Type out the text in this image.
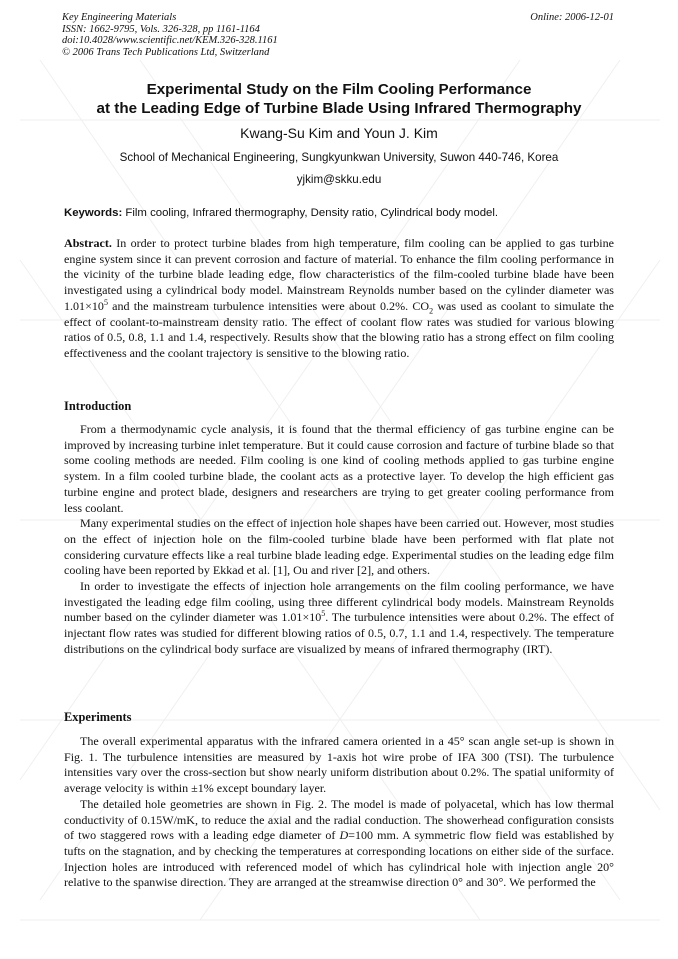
Key Engineering Materials
ISSN: 1662-9795, Vols. 326-328, pp 1161-1164
doi:10.4028/www.scientific.net/KEM.326-328.1161
© 2006 Trans Tech Publications Ltd, Switzerland
Online: 2006-12-01
Experimental Study on the Film Cooling Performance
at the Leading Edge of Turbine Blade Using Infrared Thermography
Kwang-Su Kim and Youn J. Kim
School of Mechanical Engineering, Sungkyunkwan University, Suwon 440-746, Korea
yjkim@skku.edu
Keywords: Film cooling, Infrared thermography, Density ratio, Cylindrical body model.

Abstract. In order to protect turbine blades from high temperature, film cooling can be applied to gas turbine engine system since it can prevent corrosion and facture of material. To enhance the film cooling performance in the vicinity of the turbine blade leading edge, flow characteristics of the film-cooled turbine blade have been investigated using a cylindrical body model. Mainstream Reynolds number based on the cylinder diameter was $1.01\times 10^5$ and the mainstream turbulence intensities were about 0.2%. $CO_2$ was used as coolant to simulate the effect of coolant-to-mainstream density ratio. The effect of coolant flow rates was studied for various blowing ratios of 0.5, 0.8, 1.1 and 1.4, respectively. Results show that the blowing ratio has a strong effect on film cooling effectiveness and the coolant trajectory is sensitive to the blowing ratio.

Introduction

From a thermodynamic cycle analysis, it is found that the thermal efficiency of gas turbine engine can be improved by increasing turbine inlet temperature. But it could cause corrosion and facture of turbine blade so that some cooling methods are needed. Film cooling is one kind of cooling methods applied to gas turbine engine system. In a film cooled turbine blade, the coolant acts as a protective layer. To develop the high efficient gas turbine engine and protect blade, designers and researchers are trying to get greater cooling performance from less coolant.

Many experimental studies on the effect of injection hole shapes have been carried out. However, most studies on the effect of injection hole on the film-cooled turbine blade have been performed with flat plate not considering curvature effects like a real turbine blade leading edge. Experimental studies on the leading edge film cooling have been reported by Ekkad et al. [1], Ou and river [2], and others.

In order to investigate the effects of injection hole arrangements on the film cooling performance, we have investigated the leading edge film cooling, using three different cylindrical body models. Mainstream Reynolds number based on the cylinder diameter was $1.01\times 10^5$. The turbulence intensities were about 0.2%. The effect of injectant flow rates was studied for different blowing ratios of 0.5, 0.7, 1.1 and 1.4, respectively. The temperature distributions on the cylindrical body surface are visualized by means of infrared thermography (IRT).

Experiments

The overall experimental apparatus with the infrared camera oriented in a 45° scan angle set-up is shown in Fig. 1. The turbulence intensities are measured by 1-axis hot wire probe of IFA 300 (TSI). The turbulence intensities vary over the cross-section but show nearly uniform distribution about 0.2%. The spatial uniformity of average velocity is within ±1% except boundary layer.

The detailed hole geometries are shown in Fig. 2. The model is made of polyacetal, which has low thermal conductivity of 0.15W/mK, to reduce the axial and the radial conduction. The showerhead configuration consists of two staggered rows with a leading edge diameter of D=100 mm. A symmetric flow field was established by tufts on the stagnation, and by checking the temperatures at corresponding locations on either side of the surface. Injection holes are introduced with referenced model of which has cylindrical hole with injection angle 20° relative to the spanwise direction. They are arranged at the streamwise direction 0° and 30°. We performed the
